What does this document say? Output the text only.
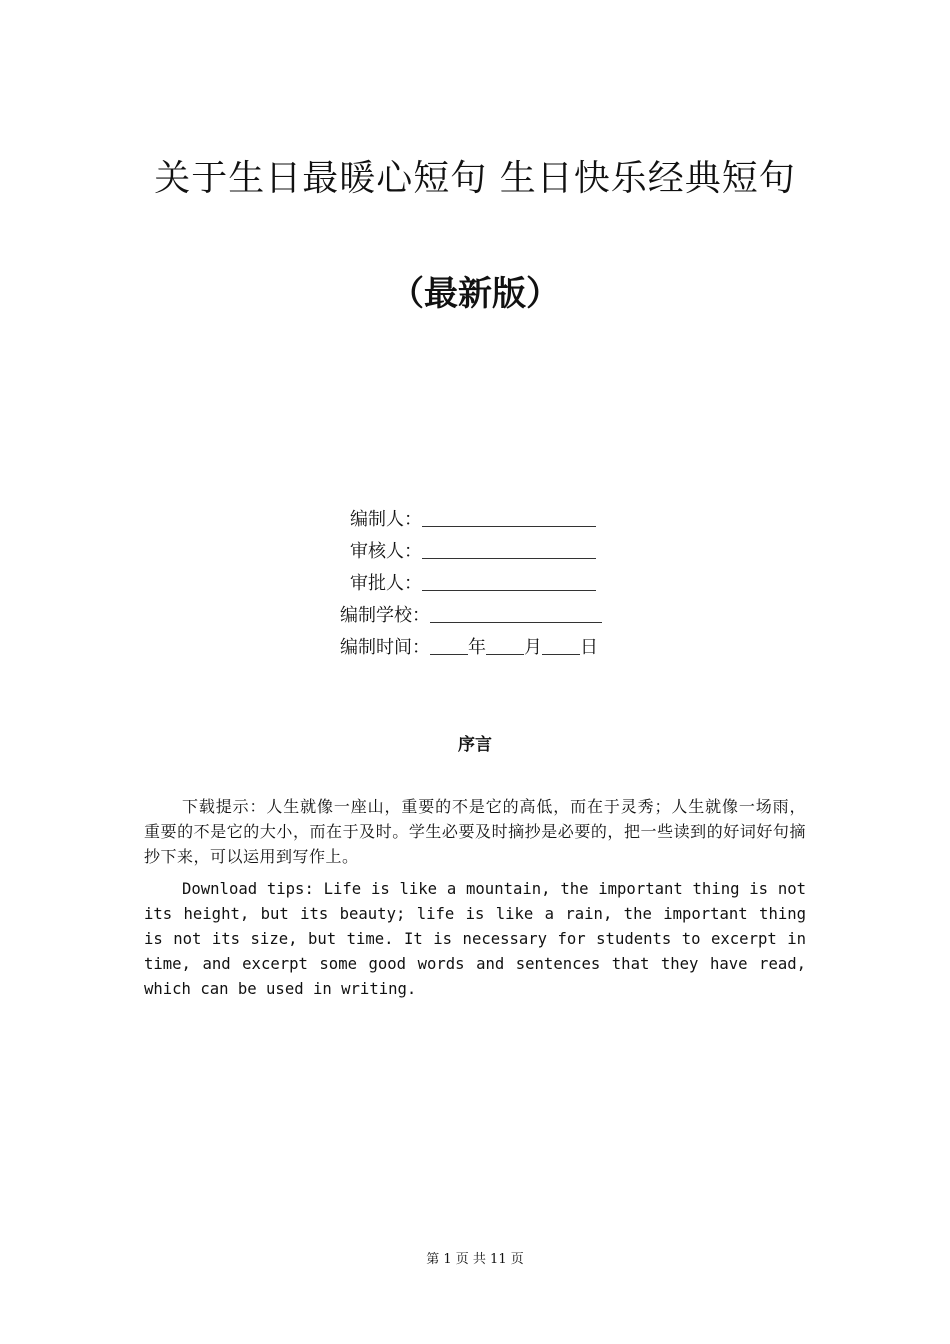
关于生日最暖心短句 生日快乐经典短句
（最新版）
编制人：
审核人：
审批人：
编制学校：
编制时间： 年 月 日
序言

下载提示：人生就像一座山，重要的不是它的高低，而在于灵秀；人生就像一场雨，重要的不是它的大小，而在于及时。学生必要及时摘抄是必要的，把一些读到的好词好句摘抄下来，可以运用到写作上。

Download tips: Life is like a mountain, the important thing is not its height, but its beauty; life is like a rain, the important thing is not its size, but time. It is necessary for students to excerpt in time, and excerpt some good words and sentences that they have read, which can be used in writing.

第 1 页 共 11 页
